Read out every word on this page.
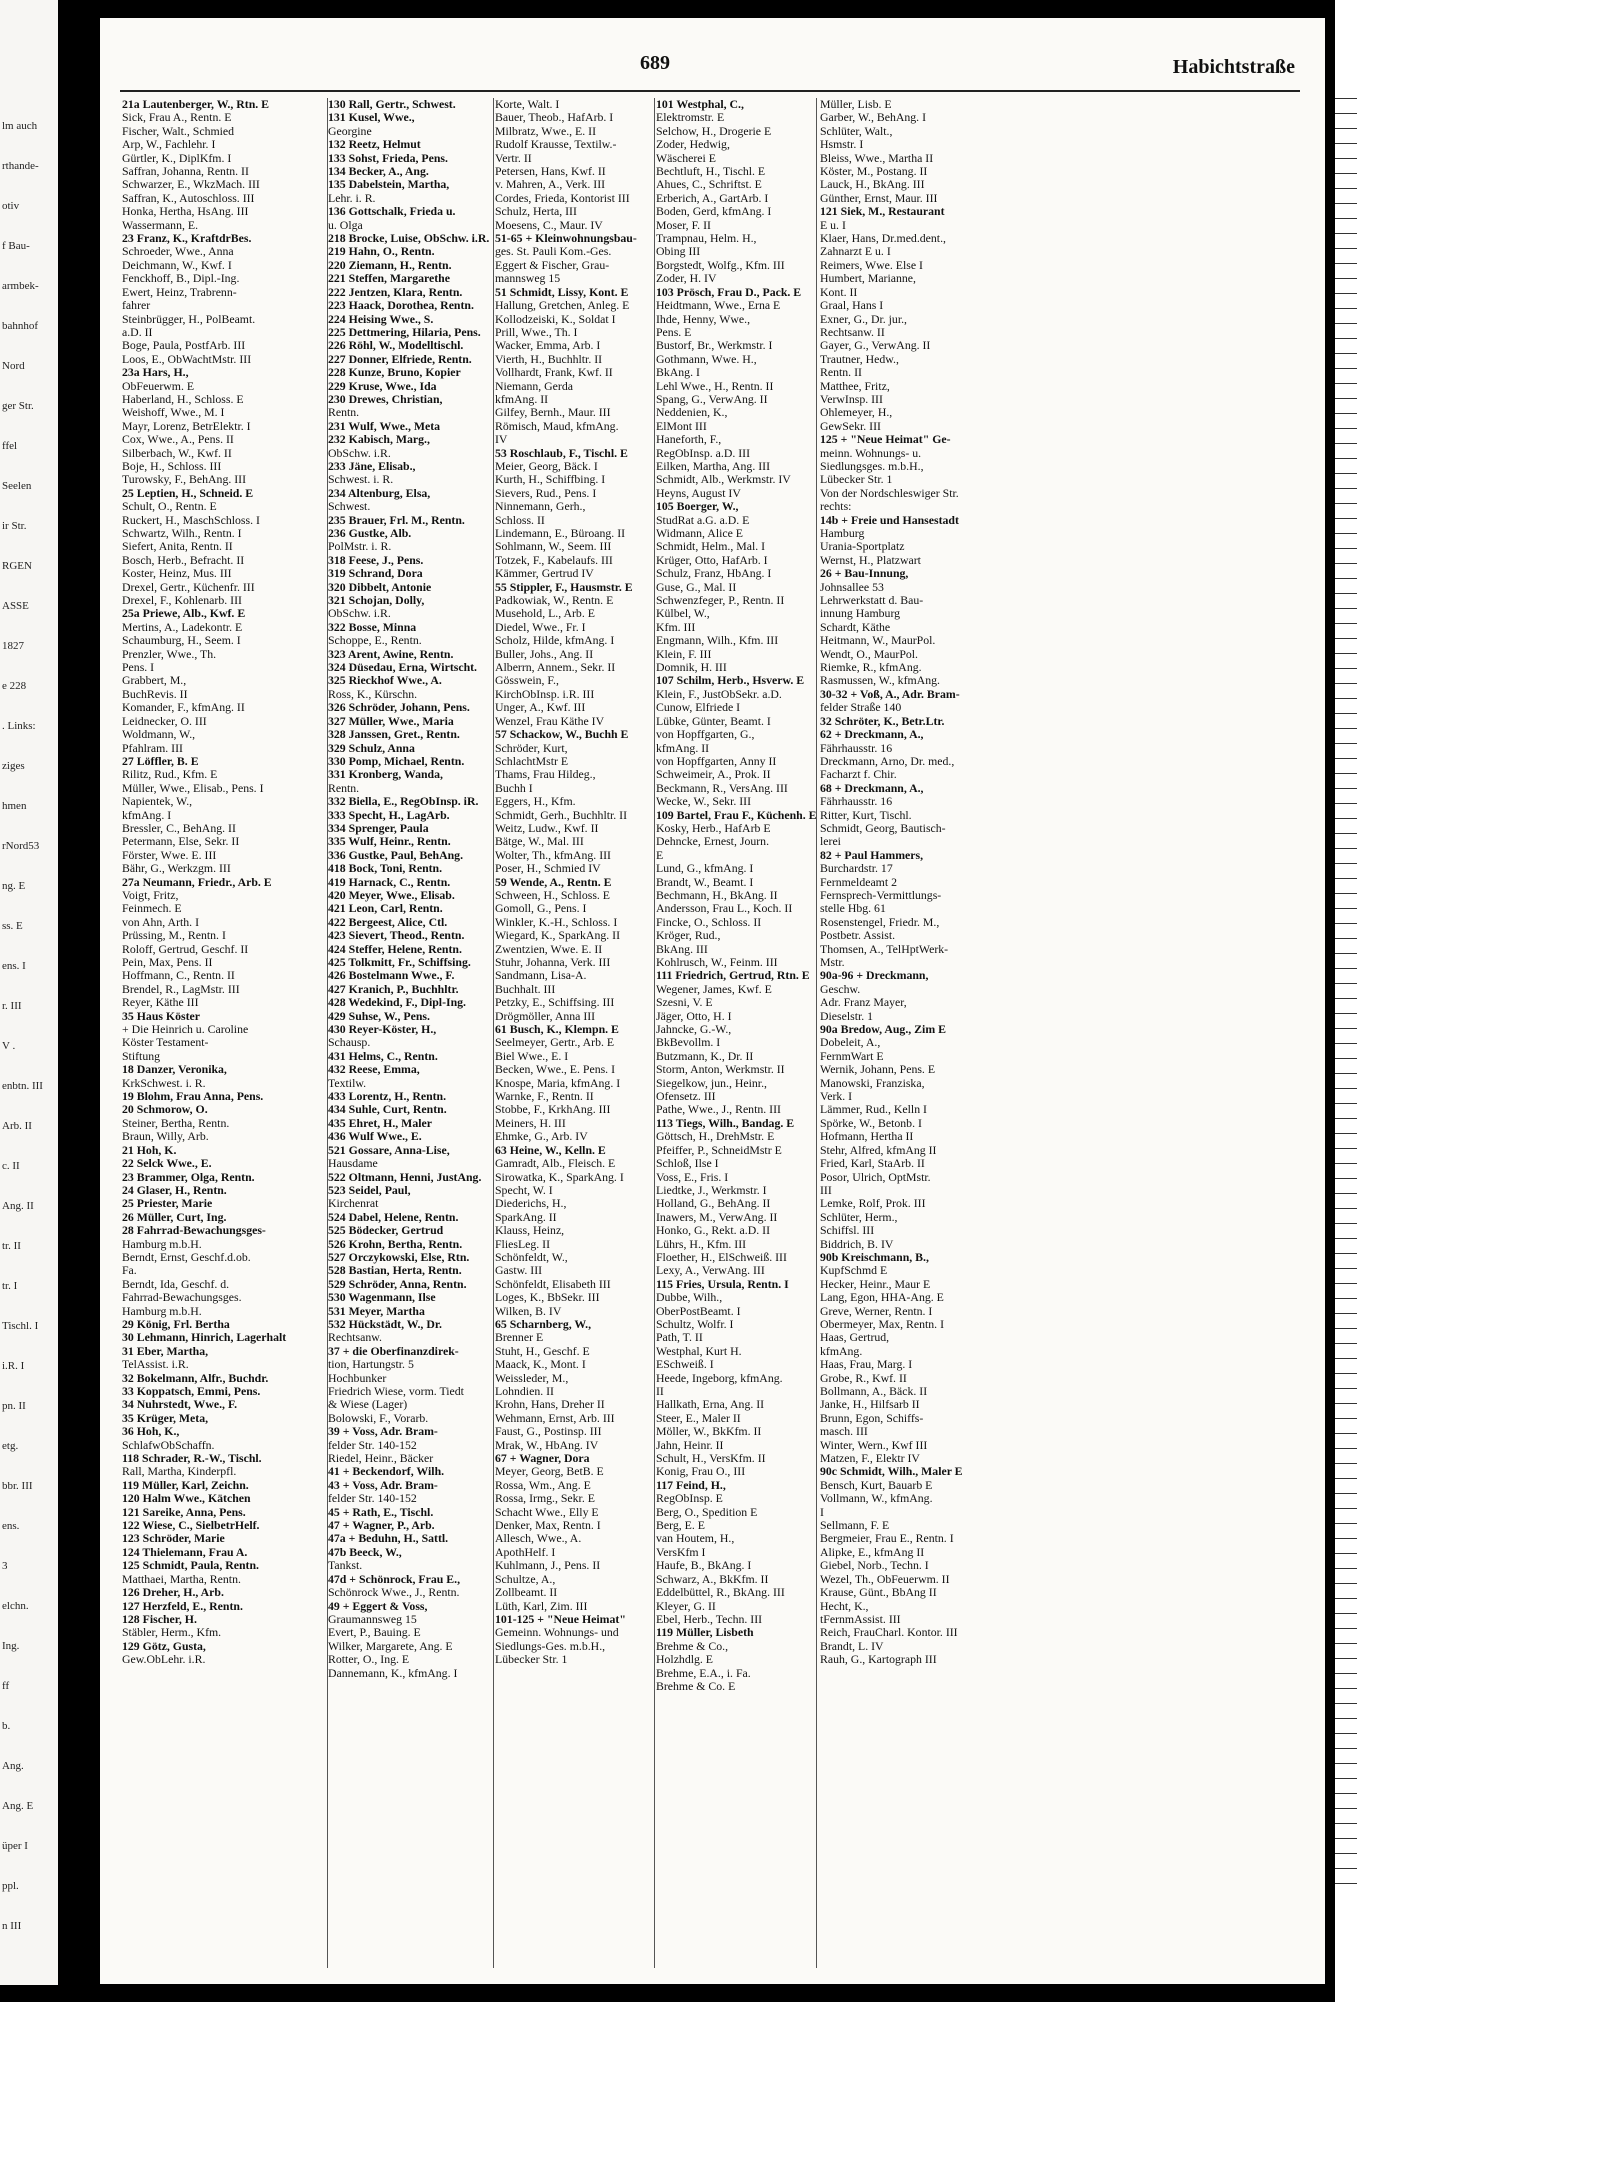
lm auch
rthande-
otiv
f Bau-
armbek-
bahnhof
Nord
ger Str.
ffel
Seelen
ir Str.
RGEN
ASSE
1827
e 228
. Links:
ziges
hmen
rNord53
ng. E
ss. E
ens. I
r. III
V .
enbtn. III
Arb. II
c. II
Ang. II
tr. II
tr. I
Tischl. I
i.R. I
pn. II
etg.
bbr. III
ens.
3
elchn.
Ing.
ff
b.
Ang.
Ang. E
üper I
ppl.
n III
689	Habichtstraße
21a Lautenberger, W., Rtn. E
Sick, Frau A., Rentn. E
Fischer, Walt., Schmied
Arp, W., Fachlehr. I
Gürtler, K., DiplKfm. I
Saffran, Johanna, Rentn. II
Schwarzer, E., WkzMach. III
Saffran, K., Autoschloss. III
Honka, Hertha, HsAng. III
Wassermann, E.
23 Franz, K., KraftdrBes.
Schroeder, Wwe., Anna
Deichmann, W., Kwf. I
Fenckhoff, B., Dipl.-Ing.
Ewert, Heinz, Trabrenn-
fahrer
Steinbrügger, H., PolBeamt.
a.D. II
Boge, Paula, PostfArb. III
Loos, E., ObWachtMstr. III
23a Hars, H.,
ObFeuerwm. E
Haberland, H., Schloss. E
Weishoff, Wwe., M. I
Mayr, Lorenz, BetrElektr. I
Cox, Wwe., A., Pens. II
Silberbach, W., Kwf. II
Boje, H., Schloss. III
Turowsky, F., BehAng. III
25 Leptien, H., Schneid. E
Schult, O., Rentn. E
Ruckert, H., MaschSchloss. I
Schwartz, Wilh., Rentn. I
Siefert, Anita, Rentn. II
Bosch, Herb., Befracht. II
Koster, Heinz, Mus. III
Drexel, Gertr., Küchenfr. III
Drexel, F., Kohlenarb. III
25a Priewe, Alb., Kwf. E
Mertins, A., Ladekontr. E
Schaumburg, H., Seem. I
Prenzler, Wwe., Th.
Pens. I
Grabbert, M.,
BuchRevis. II
Komander, F., kfmAng. II
Leidnecker, O. III
Woldmann, W.,
Pfahlram. III
27 Löffler, B. E
Rilitz, Rud., Kfm. E
Müller, Wwe., Elisab., Pens. I
Napientek, W.,
kfmAng. I
Bressler, C., BehAng. II
Petermann, Else, Sekr. II
Förster, Wwe. E. III
Bähr, G., Werkzgm. III
27a Neumann, Friedr., Arb. E
Voigt, Fritz,
Feinmech. E
von Ahn, Arth. I
Prüssing, M., Rentn. I
Roloff, Gertrud, Geschf. II
Pein, Max, Pens. II
Hoffmann, C., Rentn. II
Brendel, R., LagMstr. III
Reyer, Käthe III
35 Haus Köster
+ Die Heinrich u. Caroline
Köster Testament-
Stiftung
18 Danzer, Veronika,
KrkSchwest. i. R.
19 Blohm, Frau Anna, Pens.
20 Schmorow, O.
Steiner, Bertha, Rentn.
Braun, Willy, Arb.
21 Hoh, K.
22 Selck Wwe., E.
23 Brammer, Olga, Rentn.
24 Glaser, H., Rentn.
25 Priester, Marie
26 Müller, Curt, Ing.
28 Fahrrad-Bewachungsges-
Hamburg m.b.H.
Berndt, Ernst, Geschf.d.ob.
Fa.
Berndt, Ida, Geschf. d.
Fahrrad-Bewachungsges.
Hamburg m.b.H.
29 König, Frl. Bertha
30 Lehmann, Hinrich, Lagerhalt
31 Eber, Martha,
TelAssist. i.R.
32 Bokelmann, Alfr., Buchdr.
33 Koppatsch, Emmi, Pens.
34 Nuhrstedt, Wwe., F.
35 Krüger, Meta,
36 Hoh, K.,
SchlafwObSchaffn.
118 Schrader, R.-W., Tischl.
Rall, Martha, Kinderpfl.
119 Müller, Karl, Zeichn.
120 Halm Wwe., Kätchen
121 Sareike, Anna, Pens.
122 Wiese, C., SielbetrHelf.
123 Schröder, Marie
124 Thielemann, Frau A.
125 Schmidt, Paula, Rentn.
Matthaei, Martha, Rentn.
126 Dreher, H., Arb.
127 Herzfeld, E., Rentn.
128 Fischer, H.
Stäbler, Herm., Kfm.
129 Götz, Gusta,
Gew.ObLehr. i.R.
130 Rall, Gertr., Schwest.
131 Kusel, Wwe.,
Georgine
132 Reetz, Helmut
133 Sohst, Frieda, Pens.
134 Becker, A., Ang.
135 Dabelstein, Martha,
Lehr. i. R.
136 Gottschalk, Frieda u.
u. Olga
218 Brocke, Luise, ObSchw. i.R.
219 Hahn, O., Rentn.
220 Ziemann, H., Rentn.
221 Steffen, Margarethe
222 Jentzen, Klara, Rentn.
223 Haack, Dorothea, Rentn.
224 Heising Wwe., S.
225 Dettmering, Hilaria, Pens.
226 Röhl, W., Modelltischl.
227 Donner, Elfriede, Rentn.
228 Kunze, Bruno, Kopier
229 Kruse, Wwe., Ida
230 Drewes, Christian,
Rentn.
231 Wulf, Wwe., Meta
232 Kabisch, Marg.,
ObSchw. i.R.
233 Jäne, Elisab.,
Schwest. i. R.
234 Altenburg, Elsa,
Schwest.
235 Brauer, Frl. M., Rentn.
236 Gustke, Alb.
PolMstr. i. R.
318 Feese, J., Pens.
319 Schrand, Dora
320 Dibbelt, Antonie
321 Schojan, Dolly,
ObSchw. i.R.
322 Bosse, Minna
Schoppe, E., Rentn.
323 Arent, Awine, Rentn.
324 Düsedau, Erna, Wirtscht.
325 Rieckhof Wwe., A.
Ross, K., Kürschn.
326 Schröder, Johann, Pens.
327 Müller, Wwe., Maria
328 Janssen, Gret., Rentn.
329 Schulz, Anna
330 Pomp, Michael, Rentn.
331 Kronberg, Wanda,
Rentn.
332 Biella, E., RegObInsp. iR.
333 Specht, H., LagArb.
334 Sprenger, Paula
335 Wulf, Heinr., Rentn.
336 Gustke, Paul, BehAng.
418 Bock, Toni, Rentn.
419 Harnack, C., Rentn.
420 Meyer, Wwe., Elisab.
421 Leon, Carl, Rentn.
422 Bergeest, Alice, Ctl.
423 Sievert, Theod., Rentn.
424 Steffer, Helene, Rentn.
425 Tolkmitt, Fr., Schiffsing.
426 Bostelmann Wwe., F.
427 Kranich, P., Buchhltr.
428 Wedekind, F., Dipl-Ing.
429 Suhse, W., Pens.
430 Reyer-Köster, H.,
Schausp.
431 Helms, C., Rentn.
432 Reese, Emma,
Textilw.
433 Lorentz, H., Rentn.
434 Suhle, Curt, Rentn.
435 Ehret, H., Maler
436 Wulf Wwe., E.
521 Gossare, Anna-Lise,
Hausdame
522 Oltmann, Henni, JustAng.
523 Seidel, Paul,
Kirchenrat
524 Dabel, Helene, Rentn.
525 Bödecker, Gertrud
526 Krohn, Bertha, Rentn.
527 Orczykowski, Else, Rtn.
528 Bastian, Herta, Rentn.
529 Schröder, Anna, Rentn.
530 Wagenmann, Ilse
531 Meyer, Martha
532 Hückstädt, W., Dr.
Rechtsanw.
37 + die Oberfinanzdirek-
tion, Hartungstr. 5
Hochbunker
Friedrich Wiese, vorm. Tiedt
& Wiese (Lager)
Bolowski, F., Vorarb.
39 + Voss, Adr. Bram-
felder Str. 140-152
Riedel, Heinr., Bäcker
41 + Beckendorf, Wilh.
43 + Voss, Adr. Bram-
felder Str. 140-152
45 + Rath, E., Tischl.
47 + Wagner, P., Arb.
47a + Beduhn, H., Sattl.
47b Beeck, W.,
Tankst.
47d + Schönrock, Frau E.,
Schönrock Wwe., J., Rentn.
49 + Eggert & Voss,
Graumannsweg 15
Evert, P., Bauing. E
Wilker, Margarete, Ang. E
Rotter, O., Ing. E
Dannemann, K., kfmAng. I
Korte, Walt. I
Bauer, Theob., HafArb. I
Milbratz, Wwe., E. II
Rudolf Krausse, Textilw.-
Vertr. II
Petersen, Hans, Kwf. II
v. Mahren, A., Verk. III
Cordes, Frieda, Kontorist III
Schulz, Herta, III
Moesens, C., Maur. IV
51-65 + Kleinwohnungsbau-
ges. St. Pauli Kom.-Ges.
Eggert & Fischer, Grau-
mannsweg 15
51 Schmidt, Lissy, Kont. E
Hallung, Gretchen, Anleg. E
Kollodzeiski, K., Soldat I
Prill, Wwe., Th. I
Wacker, Emma, Arb. I
Vierth, H., Buchhltr. II
Vollhardt, Frank, Kwf. II
Niemann, Gerda
kfmAng. II
Gilfey, Bernh., Maur. III
Römisch, Maud, kfmAng.
IV
53 Roschlaub, F., Tischl. E
Meier, Georg, Bäck. I
Kurth, H., Schiffbing. I
Sievers, Rud., Pens. I
Ninnemann, Gerh.,
Schloss. II
Lindemann, E., Büroang. II
Sohlmann, W., Seem. III
Totzek, F., Kabelaufs. III
Kämmer, Gertrud IV
55 Stippler, F., Hausmstr. E
Padkowiak, W., Rentn. E
Musehold, L., Arb. E
Diedel, Wwe., Fr. I
Scholz, Hilde, kfmAng. I
Buller, Johs., Ang. II
Alberrn, Annem., Sekr. II
Gösswein, F.,
KirchObInsp. i.R. III
Unger, A., Kwf. III
Wenzel, Frau Käthe IV
57 Schackow, W., Buchh E
Schröder, Kurt,
SchlachtMstr E
Thams, Frau Hildeg.,
Buchh I
Eggers, H., Kfm.
Schmidt, Gerh., Buchhltr. II
Weitz, Ludw., Kwf. II
Bätge, W., Mal. III
Wolter, Th., kfmAng. III
Poser, H., Schmied IV
59 Wende, A., Rentn. E
Schween, H., Schloss. E
Gomoll, G., Pens. I
Winkler, K.-H., Schloss. I
Wiegard, K., SparkAng. II
Zwentzien, Wwe. E. II
Stuhr, Johanna, Verk. III
Sandmann, Lisa-A.
Buchhalt. III
Petzky, E., Schiffsing. III
Drögmöller, Anna III
61 Busch, K., Klempn. E
Seelmeyer, Gertr., Arb. E
Biel Wwe., E. I
Becken, Wwe., E. Pens. I
Knospe, Maria, kfmAng. I
Warnke, F., Rentn. II
Stobbe, F., KrkhAng. III
Meiners, H. III
Ehmke, G., Arb. IV
63 Heine, W., Kelln. E
Gamradt, Alb., Fleisch. E
Sirowatka, K., SparkAng. I
Specht, W. I
Diederichs, H.,
SparkAng. II
Klauss, Heinz,
FliesLeg. II
Schönfeldt, W.,
Gastw. III
Schönfeldt, Elisabeth III
Loges, K., BbSekr. III
Wilken, B. IV
65 Scharnberg, W.,
Brenner E
Stuht, H., Geschf. E
Maack, K., Mont. I
Weissleder, M.,
Lohndien. II
Krohn, Hans, Dreher II
Wehmann, Ernst, Arb. III
Faust, G., Postinsp. III
Mrak, W., HbAng. IV
67 + Wagner, Dora
Meyer, Georg, BetB. E
Rossa, Wm., Ang. E
Rossa, Irmg., Sekr. E
Schacht Wwe., Elly E
Denker, Max, Rentn. I
Allesch, Wwe., A.
ApothHelf. I
Kuhlmann, J., Pens. II
Schultze, A.,
Zollbeamt. II
Lüth, Karl, Zim. III
101-125 + "Neue Heimat"
Gemeinn. Wohnungs- und
Siedlungs-Ges. m.b.H.,
Lübecker Str. 1
101 Westphal, C.,
Elektromstr. E
Selchow, H., Drogerie E
Zoder, Hedwig,
Wäscherei E
Bechtluft, H., Tischl. E
Ahues, C., Schriftst. E
Erberich, A., GartArb. I
Boden, Gerd, kfmAng. I
Moser, F. II
Trampnau, Helm. H.,
Obing III
Borgstedt, Wolfg., Kfm. III
Zoder, H. IV
103 Prösch, Frau D., Pack. E
Heidtmann, Wwe., Erna E
Ihde, Henny, Wwe.,
Pens. E
Bustorf, Br., Werkmstr. I
Gothmann, Wwe. H.,
BkAng. I
Lehl Wwe., H., Rentn. II
Spang, G., VerwAng. II
Neddenien, K.,
ElMont III
Haneforth, F.,
RegObInsp. a.D. III
Eilken, Martha, Ang. III
Schmidt, Alb., Werkmstr. IV
Heyns, August IV
105 Boerger, W.,
StudRat a.G. a.D. E
Widmann, Alice E
Schmidt, Helm., Mal. I
Krüger, Otto, HafArb. I
Schulz, Franz, HbAng. I
Guse, G., Mal. II
Schwenzfeger, P., Rentn. II
Külbel, W.,
Kfm. III
Engmann, Wilh., Kfm. III
Klein, F. III
Domnik, H. III
107 Schilm, Herb., Hsverw. E
Klein, F., JustObSekr. a.D.
Cunow, Elfriede I
Lübke, Günter, Beamt. I
von Hopffgarten, G.,
kfmAng. II
von Hopffgarten, Anny II
Schweimeir, A., Prok. II
Beckmann, R., VersAng. III
Wecke, W., Sekr. III
109 Bartel, Frau F., Küchenh. E
Kosky, Herb., HafArb E
Dehncke, Ernest, Journ.
E
Lund, G., kfmAng. I
Brandt, W., Beamt. I
Bechmann, H., BkAng. II
Andersson, Frau L., Koch. II
Fincke, O., Schloss. II
Kröger, Rud.,
BkAng. III
Kohlrusch, W., Feinm. III
111 Friedrich, Gertrud, Rtn. E
Wegener, James, Kwf. E
Szesni, V. E
Jäger, Otto, H. I
Jahncke, G.-W.,
BkBevollm. I
Butzmann, K., Dr. II
Storm, Anton, Werkmstr. II
Siegelkow, jun., Heinr.,
Ofensetz. III
Pathe, Wwe., J., Rentn. III
113 Tiegs, Wilh., Bandag. E
Göttsch, H., DrehMstr. E
Pfeiffer, P., SchneidMstr E
Schloß, Ilse I
Voss, E., Fris. I
Liedtke, J., Werkmstr. I
Holland, G., BehAng. II
Inawers, M., VerwAng. II
Honko, G., Rekt. a.D. II
Lührs, H., Kfm. III
Floether, H., ElSchweiß. III
Lexy, A., VerwAng. III
115 Fries, Ursula, Rentn. I
Dubbe, Wilh.,
OberPostBeamt. I
Schultz, Wolfr. I
Path, T. II
Westphal, Kurt H.
ESchweiß. I
Heede, Ingeborg, kfmAng.
II
Hallkath, Erna, Ang. II
Steer, E., Maler II
Möller, W., BkKfm. II
Jahn, Heinr. II
Schult, H., VersKfm. II
Konig, Frau O., III
117 Feind, H.,
RegObInsp. E
Berg, O., Spedition E
Berg, E. E
van Houtem, H.,
VersKfm I
Haufe, B., BkAng. I
Schwarz, A., BkKfm. II
Eddelbüttel, R., BkAng. III
Kleyer, G. II
Ebel, Herb., Techn. III
119 Müller, Lisbeth
Brehme & Co.,
Holzhdlg. E
Brehme, E.A., i. Fa.
Brehme & Co. E
Müller, Lisb. E
Garber, W., BehAng. I
Schlüter, Walt.,
Hsmstr. I
Bleiss, Wwe., Martha II
Köster, M., Postang. II
Lauck, H., BkAng. III
Günther, Ernst, Maur. III
121 Siek, M., Restaurant
E u. I
Klaer, Hans, Dr.med.dent.,
Zahnarzt E u. I
Reimers, Wwe. Else I
Humbert, Marianne,
Kont. II
Graal, Hans I
Exner, G., Dr. jur.,
Rechtsanw. II
Gayer, G., VerwAng. II
Trautner, Hedw.,
Rentn. II
Matthee, Fritz,
VerwInsp. III
Ohlemeyer, H.,
GewSekr. III
125 + "Neue Heimat" Ge-
meinn. Wohnungs- u.
Siedlungsges. m.b.H.,
Lübecker Str. 1
Von der Nordschleswiger Str.
rechts:
14b + Freie und Hansestadt
Hamburg
Urania-Sportplatz
Wernst, H., Platzwart
26 + Bau-Innung,
Johnsallee 53
Lehrwerkstatt d. Bau-
innung Hamburg
Schardt, Käthe
Heitmann, W., MaurPol.
Wendt, O., MaurPol.
Riemke, R., kfmAng.
Rasmussen, W., kfmAng.
30-32 + Voß, A., Adr. Bram-
felder Straße 140
32 Schröter, K., Betr.Ltr.
62 + Dreckmann, A.,
Fährhausstr. 16
Dreckmann, Arno, Dr. med.,
Facharzt f. Chir.
68 + Dreckmann, A.,
Fährhausstr. 16
Ritter, Kurt, Tischl.
Schmidt, Georg, Bautisch-
lerei
82 + Paul Hammers,
Burchardstr. 17
Fernmeldeamt 2
Fernsprech-Vermittlungs-
stelle Hbg. 61
Rosenstengel, Friedr. M.,
Postbetr. Assist.
Thomsen, A., TelHptWerk-
Mstr.
90a-96 + Dreckmann,
Geschw.
Adr. Franz Mayer,
Dieselstr. 1
90a Bredow, Aug., Zim E
Dobeleit, A.,
FernmWart E
Wernik, Johann, Pens. E
Manowski, Franziska,
Verk. I
Lämmer, Rud., Kelln I
Spörke, W., Betonb. I
Hofmann, Hertha II
Stehr, Alfred, kfmAng II
Fried, Karl, StaArb. II
Posor, Ulrich, OptMstr.
III
Lemke, Rolf, Prok. III
Schlüter, Herm.,
Schiffsl. III
Biddrich, B. IV
90b Kreischmann, B.,
KupfSchmd E
Hecker, Heinr., Maur E
Lang, Egon, HHA-Ang. E
Greve, Werner, Rentn. I
Obermeyer, Max, Rentn. I
Haas, Gertrud,
kfmAng.
Haas, Frau, Marg. I
Grobe, R., Kwf. II
Bollmann, A., Bäck. II
Janke, H., Hilfsarb II
Brunn, Egon, Schiffs-
masch. III
Winter, Wern., Kwf III
Matzen, F., Elektr IV
90c Schmidt, Wilh., Maler E
Bensch, Kurt, Bauarb E
Vollmann, W., kfmAng.
I
Sellmann, F. E
Bergmeier, Frau E., Rentn. I
Alipke, E., kfmAng II
Giebel, Norb., Techn. I
Wezel, Th., ObFeuerwm. II
Krause, Günt., BbAng II
Hecht, K.,
tFernmAssist. III
Reich, FrauCharl. Kontor. III
Brandt, L. IV
Rauh, G., Kartograph III
